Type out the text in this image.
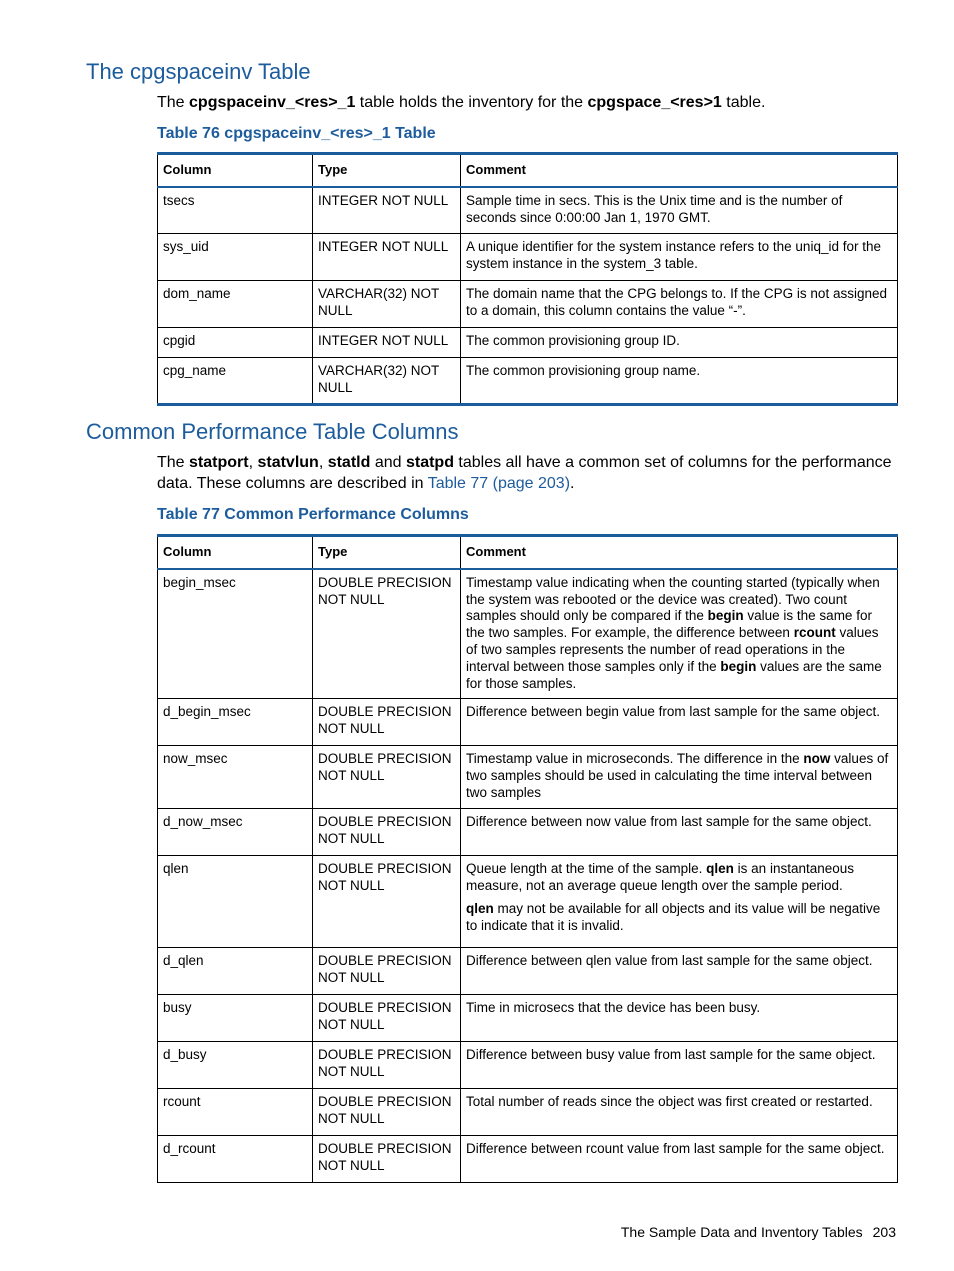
The cpgspaceinv Table

The cpgspaceinv_<res>_1 table holds the inventory for the cpgspace_<res>1 table.

Table 76 cpgspaceinv_<res>_1 Table
Column	Type	Comment
tsecs	INTEGER NOT NULL	Sample time in secs. This is the Unix time and is the number of seconds since 0:00:00 Jan 1, 1970 GMT.
sys_uid	INTEGER NOT NULL	A unique identifier for the system instance refers to the uniq_id for the system instance in the system_3 table.
dom_name	VARCHAR(32) NOT NULL	The domain name that the CPG belongs to. If the CPG is not assigned to a domain, this column contains the value “-”.
cpgid	INTEGER NOT NULL	The common provisioning group ID.
cpg_name	VARCHAR(32) NOT NULL	The common provisioning group name.
Common Performance Table Columns

The statport, statvlun, statld and statpd tables all have a common set of columns for the performance data. These columns are described in Table 77 (page 203).

Table 77 Common Performance Columns
Column	Type	Comment
begin_msec	DOUBLE PRECISION NOT NULL	Timestamp value indicating when the counting started (typically when the system was rebooted or the device was created). Two count samples should only be compared if the begin value is the same for the two samples. For example, the difference between rcount values of two samples represents the number of read operations in the interval between those samples only if the begin values are the same for those samples.
d_begin_msec	DOUBLE PRECISION NOT NULL	Difference between begin value from last sample for the same object.
now_msec	DOUBLE PRECISION NOT NULL	Timestamp value in microseconds. The difference in the now values of two samples should be used in calculating the time interval between two samples
d_now_msec	DOUBLE PRECISION NOT NULL	Difference between now value from last sample for the same object.
qlen	DOUBLE PRECISION NOT NULL	Queue length at the time of the sample. qlen is an instantaneous measure, not an average queue length over the sample period.
qlen may not be available for all objects and its value will be negative to indicate that it is invalid.

d_qlen	DOUBLE PRECISION NOT NULL	Difference between qlen value from last sample for the same object.
busy	DOUBLE PRECISION NOT NULL	Time in microsecs that the device has been busy.
d_busy	DOUBLE PRECISION NOT NULL	Difference between busy value from last sample for the same object.
rcount	DOUBLE PRECISION NOT NULL	Total number of reads since the object was first created or restarted.
d_rcount	DOUBLE PRECISION NOT NULL	Difference between rcount value from last sample for the same object.
The Sample Data and Inventory Tables 203
